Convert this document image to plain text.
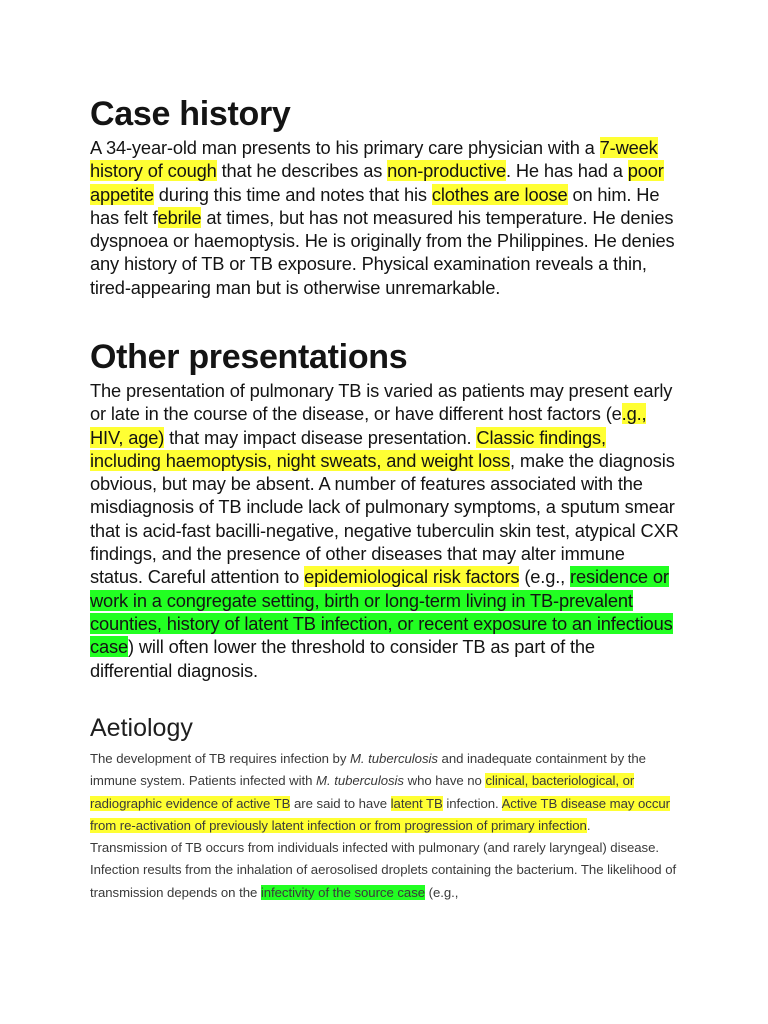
Case history

A 34-year-old man presents to his primary care physician with a 7-week history of cough that he describes as non-productive. He has had a poor appetite during this time and notes that his clothes are loose on him. He has felt febrile at times, but has not measured his temperature. He denies dyspnoea or haemoptysis. He is originally from the Philippines. He denies any history of TB or TB exposure. Physical examination reveals a thin, tired-appearing man but is otherwise unremarkable.

Other presentations

The presentation of pulmonary TB is varied as patients may present early or late in the course of the disease, or have different host factors (e.g., HIV, age) that may impact disease presentation. Classic findings, including haemoptysis, night sweats, and weight loss, make the diagnosis obvious, but may be absent. A number of features associated with the misdiagnosis of TB include lack of pulmonary symptoms, a sputum smear that is acid-fast bacilli-negative, negative tuberculin skin test, atypical CXR findings, and the presence of other diseases that may alter immune status. Careful attention to epidemiological risk factors (e.g., residence or work in a congregate setting, birth or long-term living in TB-prevalent counties, history of latent TB infection, or recent exposure to an infectious case) will often lower the threshold to consider TB as part of the differential diagnosis.

Aetiology

The development of TB requires infection by M. tuberculosis and inadequate containment by the immune system. Patients infected with M. tuberculosis who have no clinical, bacteriological, or radiographic evidence of active TB are said to have latent TB infection. Active TB disease may occur from re-activation of previously latent infection or from progression of primary infection.

Transmission of TB occurs from individuals infected with pulmonary (and rarely laryngeal) disease. Infection results from the inhalation of aerosolised droplets containing the bacterium. The likelihood of transmission depends on the infectivity of the source case (e.g.,
